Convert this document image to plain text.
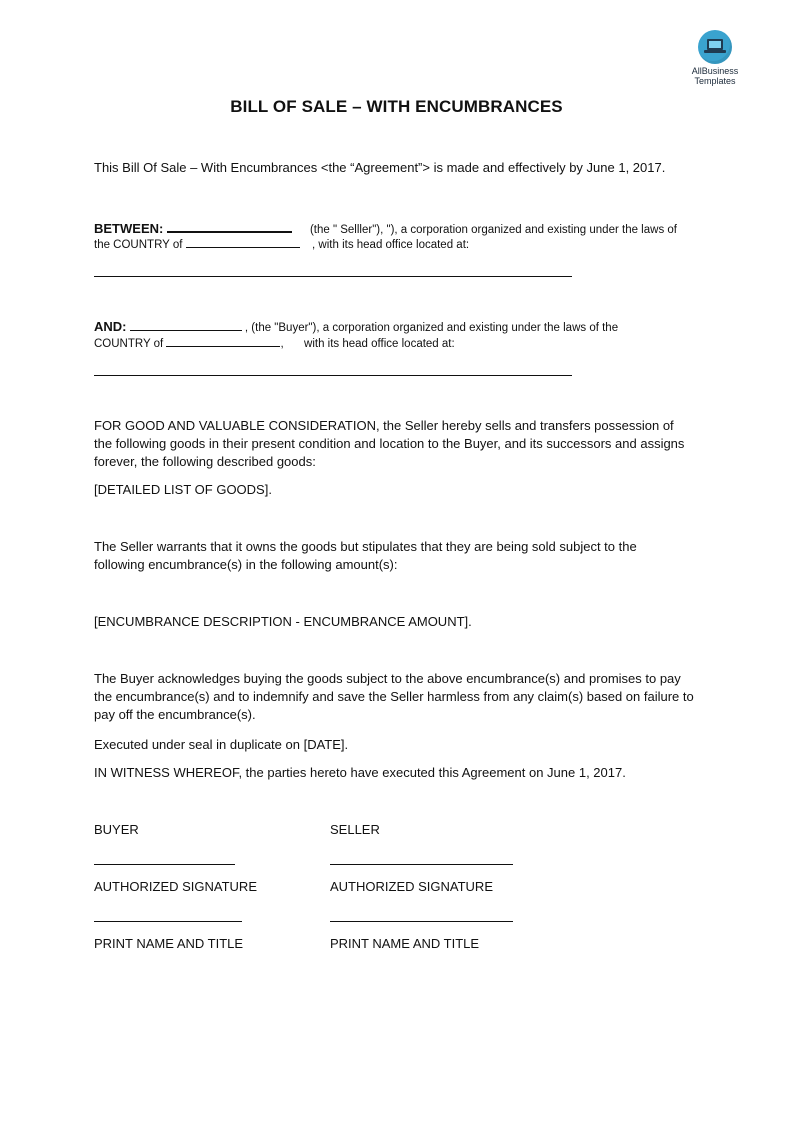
AllBusiness
Templates
BILL OF SALE – WITH ENCUMBRANCES

This Bill Of Sale – With Encumbrances <the “Agreement”> is made and effectively by June 1, 2017.

BETWEEN:	(the " Selller"), "), a corporation organized and existing under the laws of

the COUNTRY of	, with its head office located at:

AND:	, (the "Buyer"), a corporation organized and existing under the laws of the

COUNTRY of	,  with its head office located at:

FOR GOOD AND VALUABLE CONSIDERATION, the Seller hereby sells and transfers possession of the following goods in their present condition and location to the Buyer, and its successors and assigns forever, the following described goods:

[DETAILED LIST OF GOODS].

The Seller warrants that it owns the goods but stipulates that they are being sold subject to the following encumbrance(s) in the following amount(s):

[ENCUMBRANCE DESCRIPTION - ENCUMBRANCE AMOUNT].

The Buyer acknowledges buying the goods subject to the above encumbrance(s) and promises to pay the encumbrance(s) and to indemnify and save the Seller harmless from any claim(s) based on failure to pay off the encumbrance(s).

Executed under seal in duplicate on [DATE].

IN WITNESS WHEREOF, the parties hereto have executed this Agreement on June 1, 2017.

BUYER	SELLER
AUTHORIZED SIGNATURE	AUTHORIZED SIGNATURE
PRINT NAME AND TITLE	PRINT NAME AND TITLE
